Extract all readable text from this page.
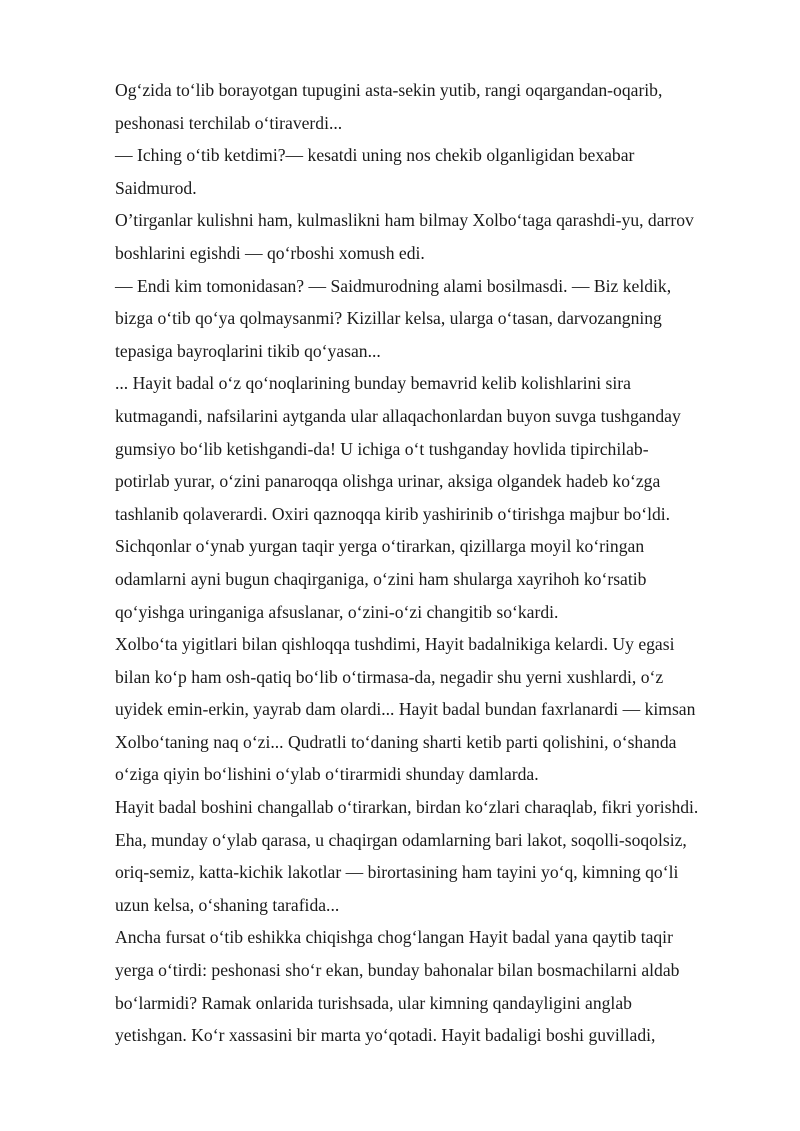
Og‘zida to‘lib borayotgan tupugini asta-sekin yutib, rangi oqargandan-oqarib,
peshonasi terchilab o‘tiraverdi...
— Iching o‘tib ketdimi?— kesatdi uning nos chekib olganligidan bexabar
Saidmurod.
O’tirganlar kulishni ham, kulmaslikni ham bilmay Xolbo‘taga qarashdi-yu, darrov
boshlarini egishdi — qo‘rboshi xomush edi.
— Endi kim tomonidasan? — Saidmurodning alami bosilmasdi. — Biz keldik,
bizga o‘tib qo‘ya qolmaysanmi? Kizillar kelsa, ularga o‘tasan, darvozangning
tepasiga bayroqlarini tikib qo‘yasan...
... Hayit badal o‘z qo‘noqlarining bunday bemavrid kelib kolishlarini sira
kutmagandi, nafsilarini aytganda ular allaqachonlardan buyon suvga tushganday
gumsiyo bo‘lib ketishgandi-da! U ichiga o‘t tushganday hovlida tipirchilab-
potirlab yurar, o‘zini panaroqqa olishga urinar, aksiga olgandek hadeb ko‘zga
tashlanib qolaverardi. Oxiri qaznoqqa kirib yashirinib o‘tirishga majbur bo‘ldi.
Sichqonlar o‘ynab yurgan taqir yerga o‘tirarkan, qizillarga moyil ko‘ringan
odamlarni ayni bugun chaqirganiga, o‘zini ham shularga xayrihoh ko‘rsatib
qo‘yishga uringaniga afsuslanar, o‘zini-o‘zi changitib so‘kardi.
Xolbo‘ta yigitlari bilan qishloqqa tushdimi, Hayit badalnikiga kelardi. Uy egasi
bilan ko‘p ham osh-qatiq bo‘lib o‘tirmasa-da, negadir shu yerni xushlardi, o‘z
uyidek emin-erkin, yayrab dam olardi... Hayit badal bundan faxrlanardi — kimsan
Xolbo‘taning naq o‘zi... Qudratli to‘daning sharti ketib parti qolishini, o‘shanda
o‘ziga qiyin bo‘lishini o‘ylab o‘tirarmidi shunday damlarda.
Hayit badal boshini changallab o‘tirarkan, birdan ko‘zlari charaqlab, fikri yorishdi.
Eha, munday o‘ylab qarasa, u chaqirgan odamlarning bari lakot, soqolli-soqolsiz,
oriq-semiz, katta-kichik lakotlar — birortasining ham tayini yo‘q, kimning qo‘li
uzun kelsa, o‘shaning tarafida...
Ancha fursat o‘tib eshikka chiqishga chog‘langan Hayit badal yana qaytib taqir
yerga o‘tirdi: peshonasi sho‘r ekan, bunday bahonalar bilan bosmachilarni aldab
bo‘larmidi? Ramak onlarida turishsada, ular kimning qandayligini anglab
yetishgan. Ko‘r xassasini bir marta yo‘qotadi. Hayit badaligi boshi guvilladi,
